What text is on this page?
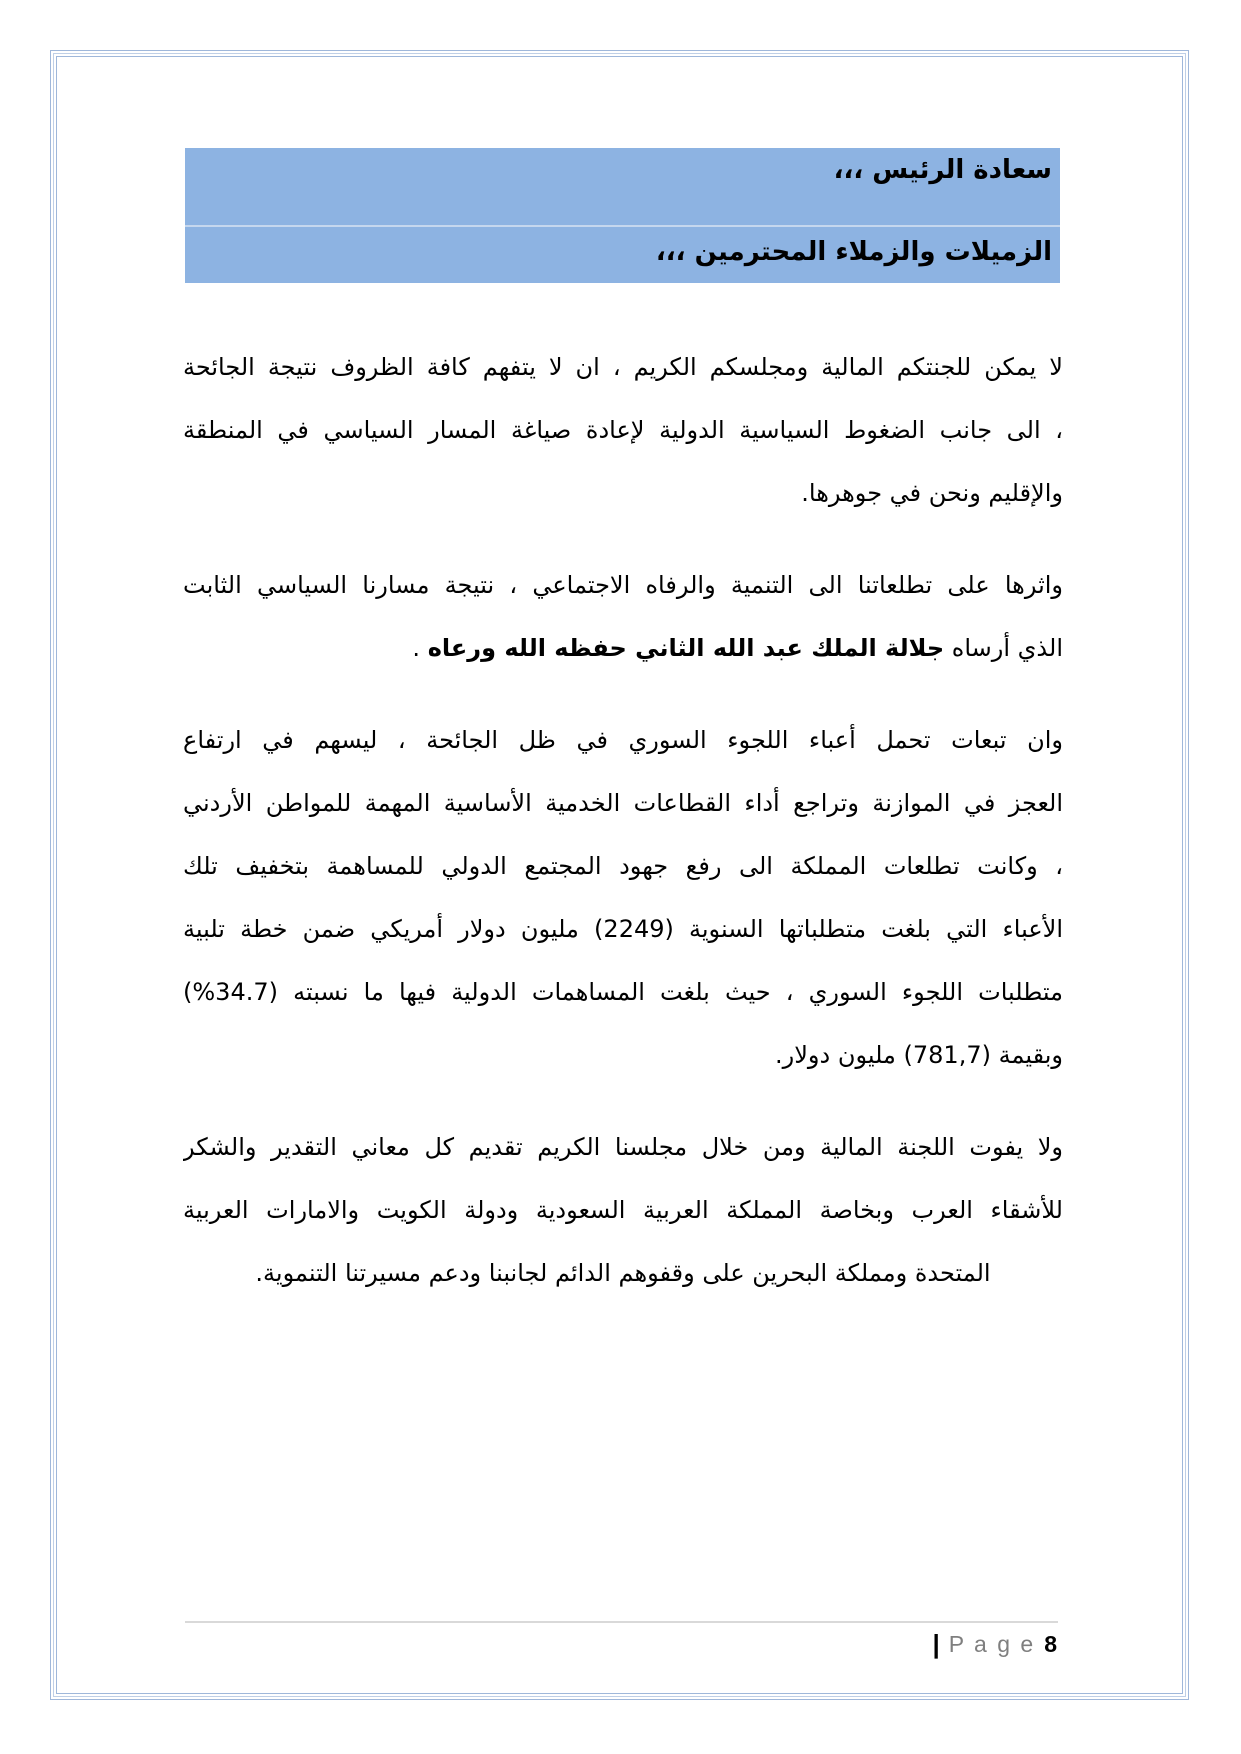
سعادة الرئيس ،،،
الزميلات والزملاء المحترمين ،،،
لا يمكن للجنتكم المالية ومجلسكم الكريم ، ان لا يتفهم كافة الظروف نتيجة الجائحة
، الى جانب الضغوط السياسية الدولية لإعادة صياغة المسار السياسي في المنطقة
والإقليم ونحن في جوهرها.
واثرها على تطلعاتنا الى التنمية والرفاه الاجتماعي ، نتيجة مسارنا السياسي الثابت
الذي أرساه جلالة الملك عبد الله الثاني حفظه الله ورعاه .
وان تبعات تحمل أعباء اللجوء السوري في ظل الجائحة ، ليسهم في ارتفاع
العجز في الموازنة وتراجع أداء القطاعات الخدمية الأساسية المهمة للمواطن الأردني
، وكانت تطلعات المملكة الى رفع جهود المجتمع الدولي للمساهمة بتخفيف تلك
الأعباء التي بلغت متطلباتها السنوية (2249) مليون دولار أمريكي ضمن خطة تلبية
متطلبات اللجوء السوري ، حيث بلغت المساهمات الدولية فيها ما نسبته (34.7%)
وبقيمة (781,7) مليون دولار.
ولا يفوت اللجنة المالية ومن خلال مجلسنا الكريم تقديم كل معاني التقدير والشكر
للأشقاء العرب وبخاصة المملكة العربية السعودية ودولة الكويت والامارات العربية
المتحدة ومملكة البحرين على وقفوهم الدائم لجانبنا ودعم مسيرتنا التنموية.
| P a g e 8
